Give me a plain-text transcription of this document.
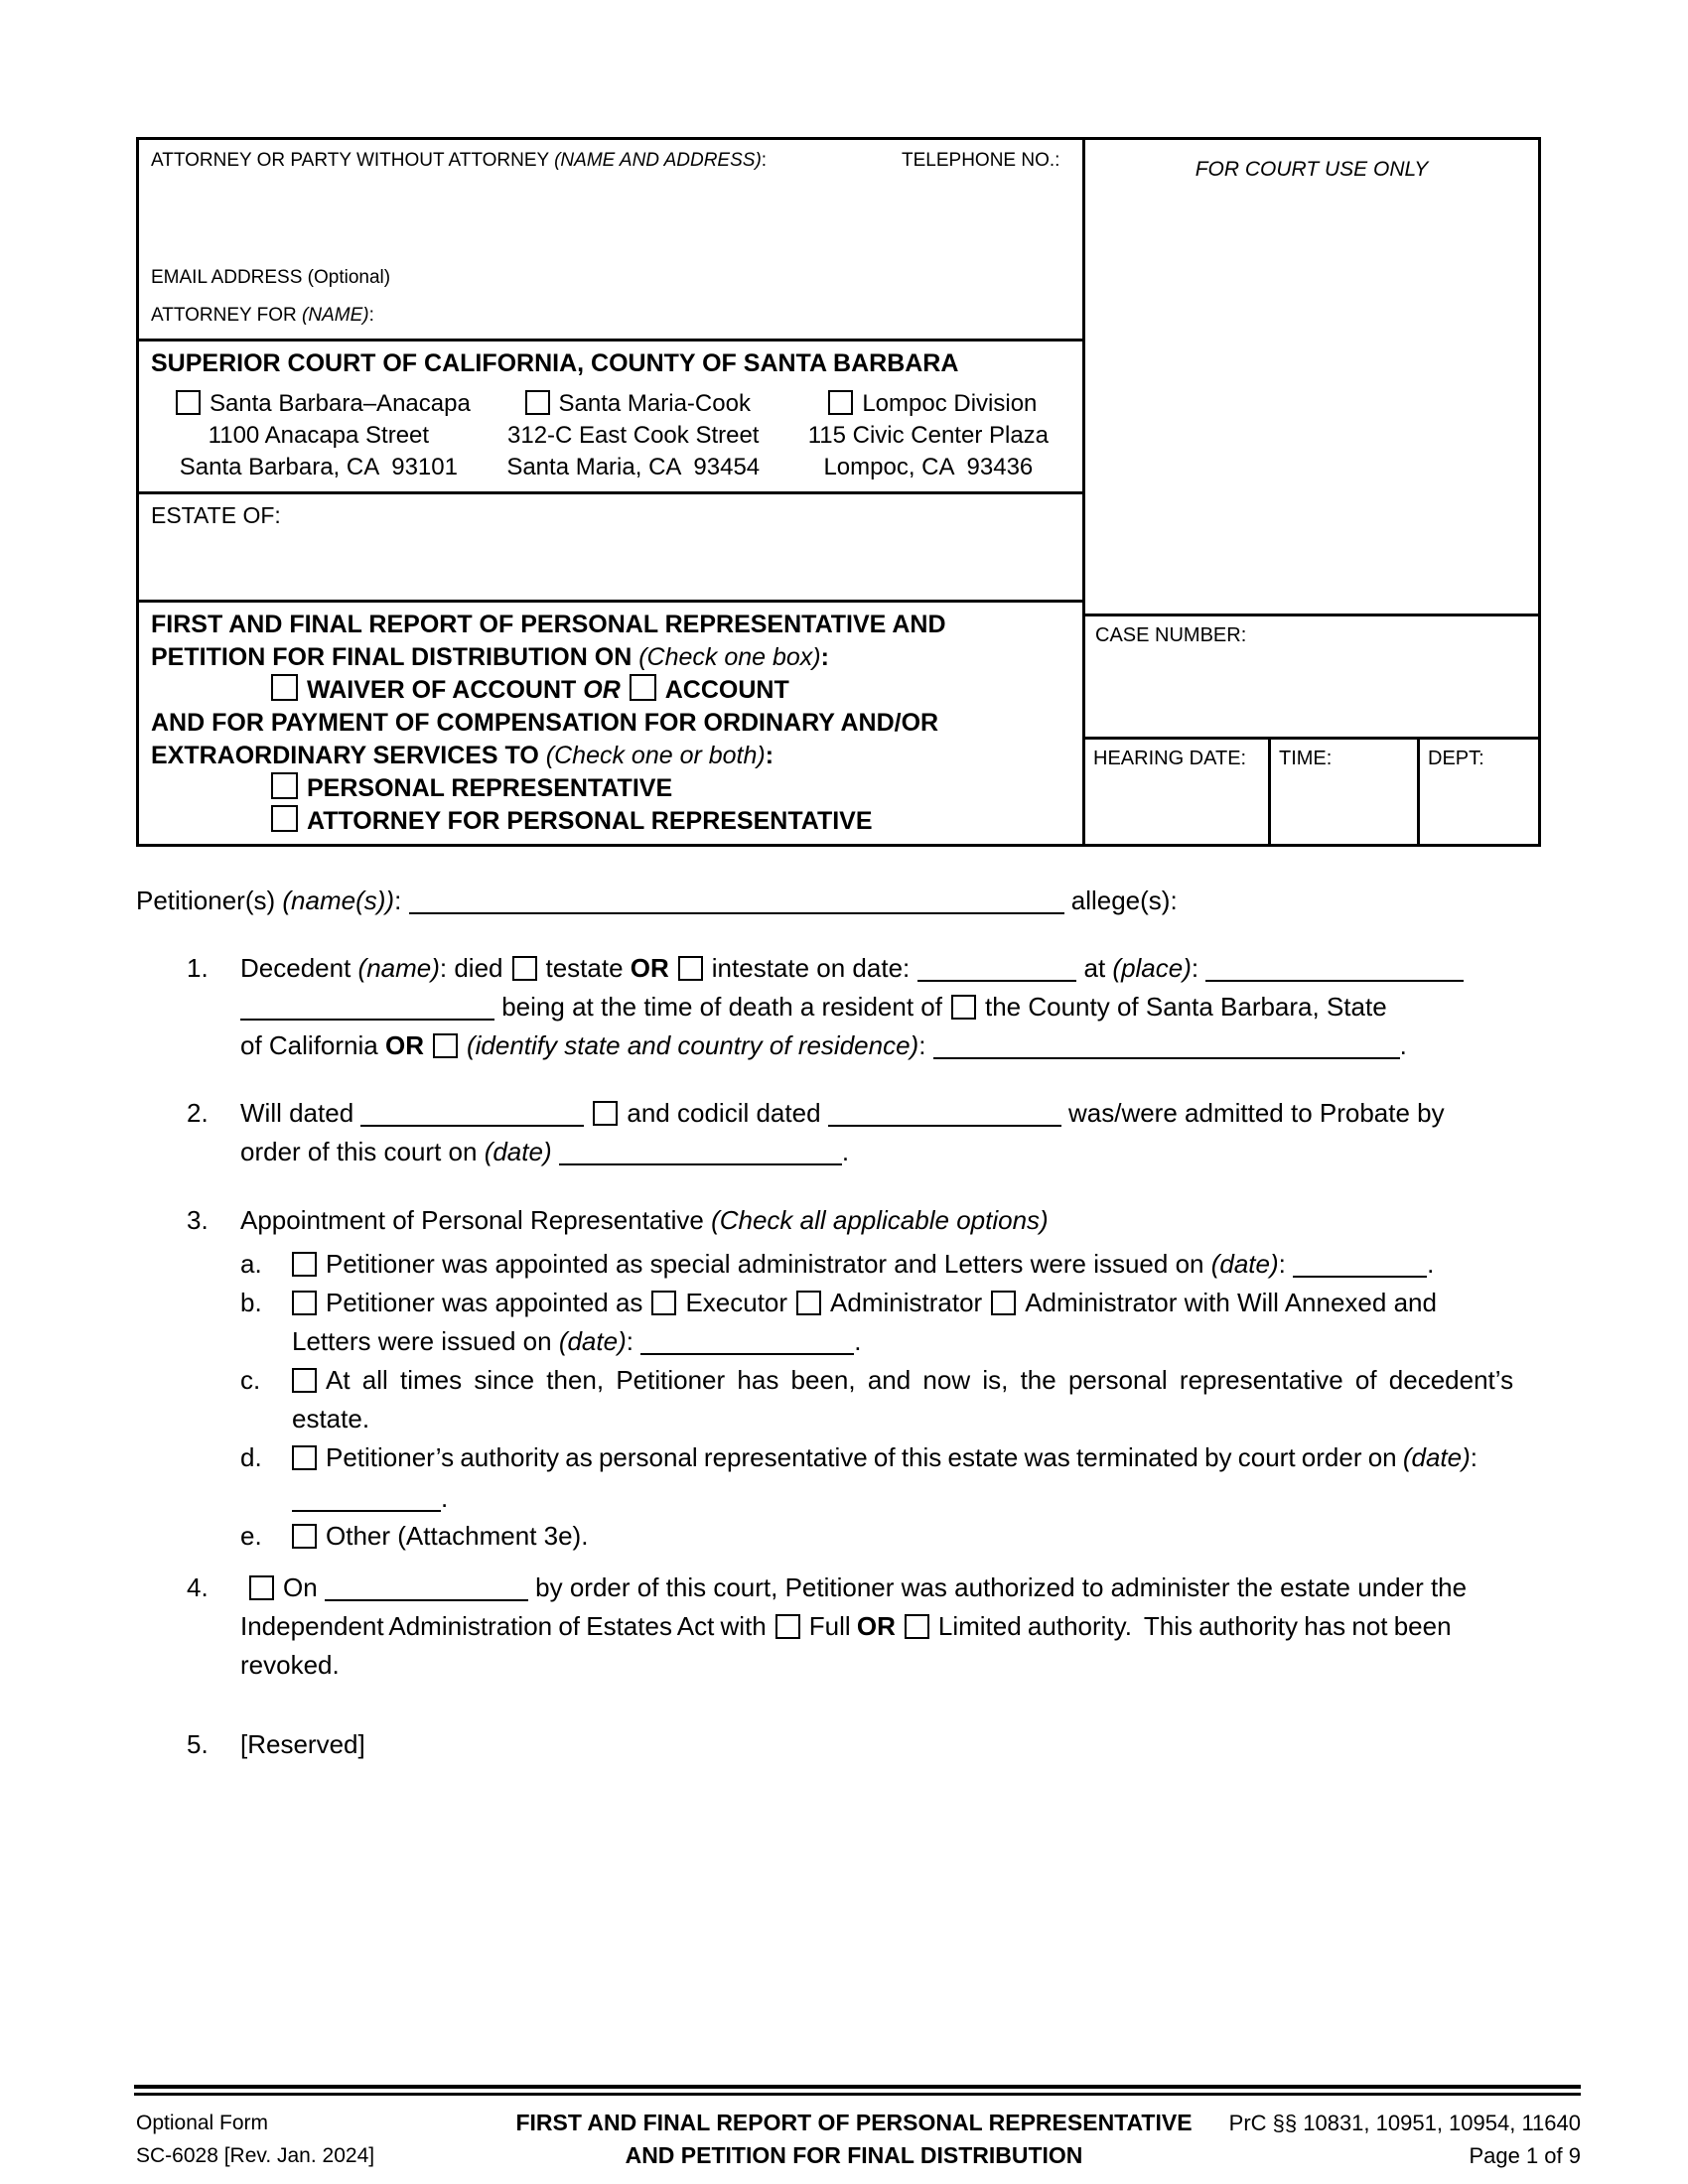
ATTORNEY OR PARTY WITHOUT ATTORNEY (NAME AND ADDRESS):	TELEPHONE NO.:
EMAIL ADDRESS (Optional)
ATTORNEY FOR (NAME):
SUPERIOR COURT OF CALIFORNIA, COUNTY OF SANTA BARBARA
Santa Barbara–Anacapa
1100 Anacapa Street
Santa Barbara, CA  93101
Santa Maria-Cook
312-C East Cook Street
Santa Maria, CA  93454
Lompoc Division
115 Civic Center Plaza
Lompoc, CA  93436
ESTATE OF:
FIRST AND FINAL REPORT OF PERSONAL REPRESENTATIVE AND
PETITION FOR FINAL DISTRIBUTION ON (Check one box):
WAIVER OF ACCOUNT OR ACCOUNT
AND FOR PAYMENT OF COMPENSATION FOR ORDINARY AND/OR
EXTRAORDINARY SERVICES TO (Check one or both):
PERSONAL REPRESENTATIVE
ATTORNEY FOR PERSONAL REPRESENTATIVE
FOR COURT USE ONLY
CASE NUMBER:
HEARING DATE:	TIME:	DEPT:
Petitioner(s) (name(s)):	allege(s):
1. Decedent (name): died testate OR intestate on date:	at (place):
being at the time of death a resident of the County of Santa Barbara, State
of California OR (identify state and country of residence):	.
2. Will dated	and codicil dated	was/were admitted to Probate by
order of this court on (date)	.
3. Appointment of Personal Representative (Check all applicable options)
a. Petitioner was appointed as special administrator and Letters were issued on (date):	.
b. Petitioner was appointed as Executor Administrator Administrator with Will Annexed and
Letters were issued on (date):	.
c.	At all times since then, Petitioner has been, and now is, the personal representative of decedent’s
estate.
d. Petitioner’s authority as personal representative of this estate was terminated by court order on (date):
.
e. Other (Attachment 3e).
4.	On	by order of this court, Petitioner was authorized to administer the estate under the
Independent Administration of Estates Act with Full OR Limited authority.  This authority has not been
revoked.
5. [Reserved]
Optional Form
SC-6028 [Rev. Jan. 2024]
FIRST AND FINAL REPORT OF PERSONAL REPRESENTATIVE
AND PETITION FOR FINAL DISTRIBUTION
PrC §§ 10831, 10951, 10954, 11640
Page 1 of 9
